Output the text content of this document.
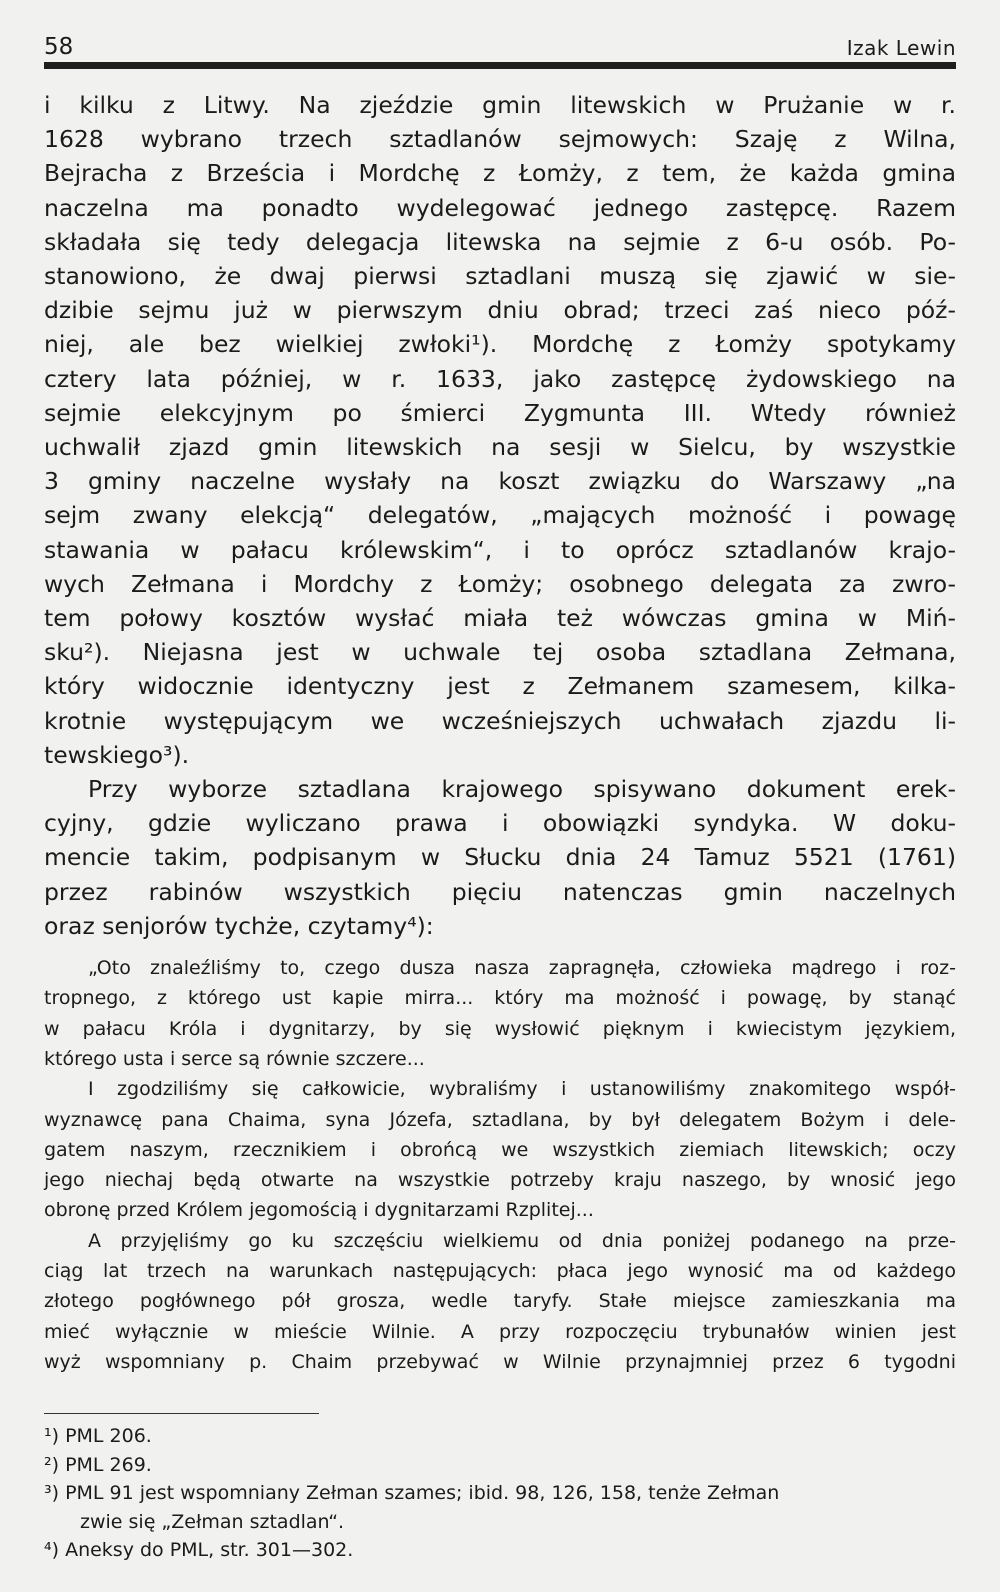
58	Izak Lewin
i kilku z Litwy. Na zjeździe gmin litewskich w Prużanie w r.
1628 wybrano trzech sztadlanów sejmowych: Szaję z Wilna,
Bejracha z Brześcia i Mordchę z Łomży, z tem, że każda gmina
naczelna ma ponadto wydelegować jednego zastępcę. Razem
składała się tedy delegacja litewska na sejmie z 6-u osób. Po-
stanowiono, że dwaj pierwsi sztadlani muszą się zjawić w sie-
dzibie sejmu już w pierwszym dniu obrad; trzeci zaś nieco póź-
niej, ale bez wielkiej zwłoki¹). Mordchę z Łomży spotykamy
cztery lata później, w r. 1633, jako zastępcę żydowskiego na
sejmie elekcyjnym po śmierci Zygmunta III. Wtedy również
uchwalił zjazd gmin litewskich na sesji w Sielcu, by wszystkie
3 gminy naczelne wysłały na koszt związku do Warszawy „na
sejm zwany elekcją“ delegatów, „mających możność i powagę
stawania w pałacu królewskim“, i to oprócz sztadlanów krajo-
wych Zełmana i Mordchy z Łomży; osobnego delegata za zwro-
tem połowy kosztów wysłać miała też wówczas gmina w Miń-
sku²). Niejasna jest w uchwale tej osoba sztadlana Zełmana,
który widocznie identyczny jest z Zełmanem szamesem, kilka-
krotnie występującym we wcześniejszych uchwałach zjazdu li-
tewskiego³).
Przy wyborze sztadlana krajowego spisywano dokument erek-
cyjny, gdzie wyliczano prawa i obowiązki syndyka. W doku-
mencie takim, podpisanym w Słucku dnia 24 Tamuz 5521 (1761)
przez rabinów wszystkich pięciu natenczas gmin naczelnych
oraz senjorów tychże, czytamy⁴):
„Oto znaleźliśmy to, czego dusza nasza zapragnęła, człowieka mądrego i roz-
tropnego, z którego ust kapie mirra... który ma możność i powagę, by stanąć
w pałacu Króla i dygnitarzy, by się wysłowić pięknym i kwiecistym językiem,
którego usta i serce są równie szczere...
I zgodziliśmy się całkowicie, wybraliśmy i ustanowiliśmy znakomitego współ-
wyznawcę pana Chaima, syna Józefa, sztadlana, by był delegatem Bożym i dele-
gatem naszym, rzecznikiem i obrońcą we wszystkich ziemiach litewskich; oczy
jego niechaj będą otwarte na wszystkie potrzeby kraju naszego, by wnosić jego
obronę przed Królem jegomością i dygnitarzami Rzplitej...
A przyjęliśmy go ku szczęściu wielkiemu od dnia poniżej podanego na prze-
ciąg lat trzech na warunkach następujących: płaca jego wynosić ma od każdego
złotego pogłównego pół grosza, wedle taryfy. Stałe miejsce zamieszkania ma
mieć wyłącznie w mieście Wilnie. A przy rozpoczęciu trybunałów winien jest
wyż wspomniany p. Chaim przebywać w Wilnie przynajmniej przez 6 tygodni
¹) PML 206.
²) PML 269.
³) PML 91 jest wspomniany Zełman szames; ibid. 98, 126, 158, tenże Zełman
zwie się „Zełman sztadlan“.
⁴) Aneksy do PML, str. 301—302.
